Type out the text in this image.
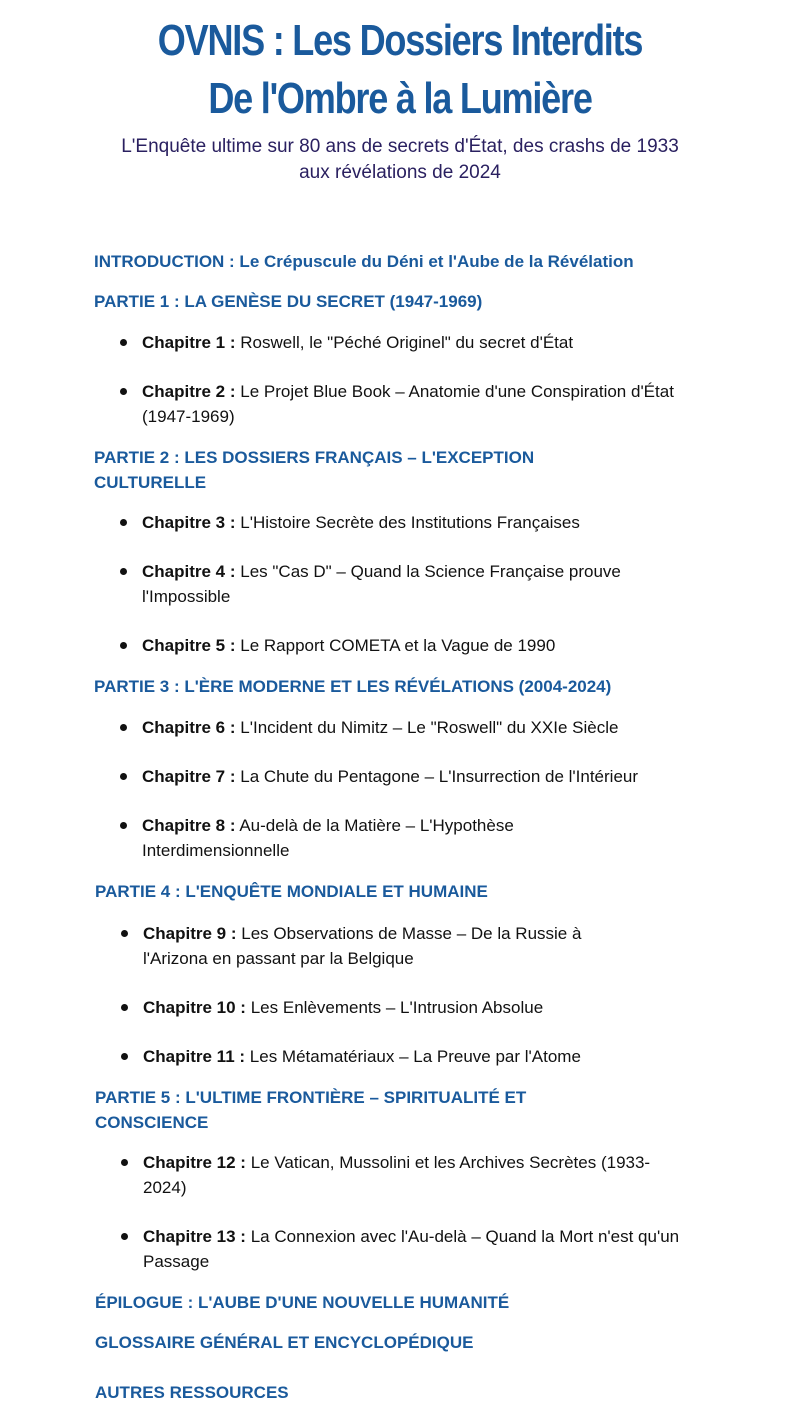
OVNIS : Les Dossiers Interdits
De l'Ombre à la Lumière
L'Enquête ultime sur 80 ans de secrets d'État, des crashs de 1933
aux révélations de 2024
INTRODUCTION : Le Crépuscule du Déni et l'Aube de la Révélation
PARTIE 1 : LA GENÈSE DU SECRET (1947-1969)
Chapitre 1 : Roswell, le "Péché Originel" du secret d'État
Chapitre 2 : Le Projet Blue Book – Anatomie d'une Conspiration d'État (1947-1969)
PARTIE 2 : LES DOSSIERS FRANÇAIS – L'EXCEPTION CULTURELLE
Chapitre 3 : L'Histoire Secrète des Institutions Françaises
Chapitre 4 : Les "Cas D" – Quand la Science Française prouve l'Impossible
Chapitre 5 : Le Rapport COMETA et la Vague de 1990
PARTIE 3 : L'ÈRE MODERNE ET LES RÉVÉLATIONS (2004-2024)
Chapitre 6 : L'Incident du Nimitz – Le "Roswell" du XXIe Siècle
Chapitre 7 : La Chute du Pentagone – L'Insurrection de l'Intérieur
Chapitre 8 : Au-delà de la Matière – L'Hypothèse Interdimensionnelle
PARTIE 4 : L'ENQUÊTE MONDIALE ET HUMAINE
Chapitre 9 : Les Observations de Masse – De la Russie à l'Arizona en passant par la Belgique
Chapitre 10 : Les Enlèvements – L'Intrusion Absolue
Chapitre 11 : Les Métamatériaux – La Preuve par l'Atome
PARTIE 5 : L'ULTIME FRONTIÈRE – SPIRITUALITÉ ET CONSCIENCE
Chapitre 12 : Le Vatican, Mussolini et les Archives Secrètes (1933-2024)
Chapitre 13 : La Connexion avec l'Au-delà – Quand la Mort n'est qu'un Passage
ÉPILOGUE : L'AUBE D'UNE NOUVELLE HUMANITÉ
GLOSSAIRE GÉNÉRAL ET ENCYCLOPÉDIQUE
AUTRES RESSOURCES
